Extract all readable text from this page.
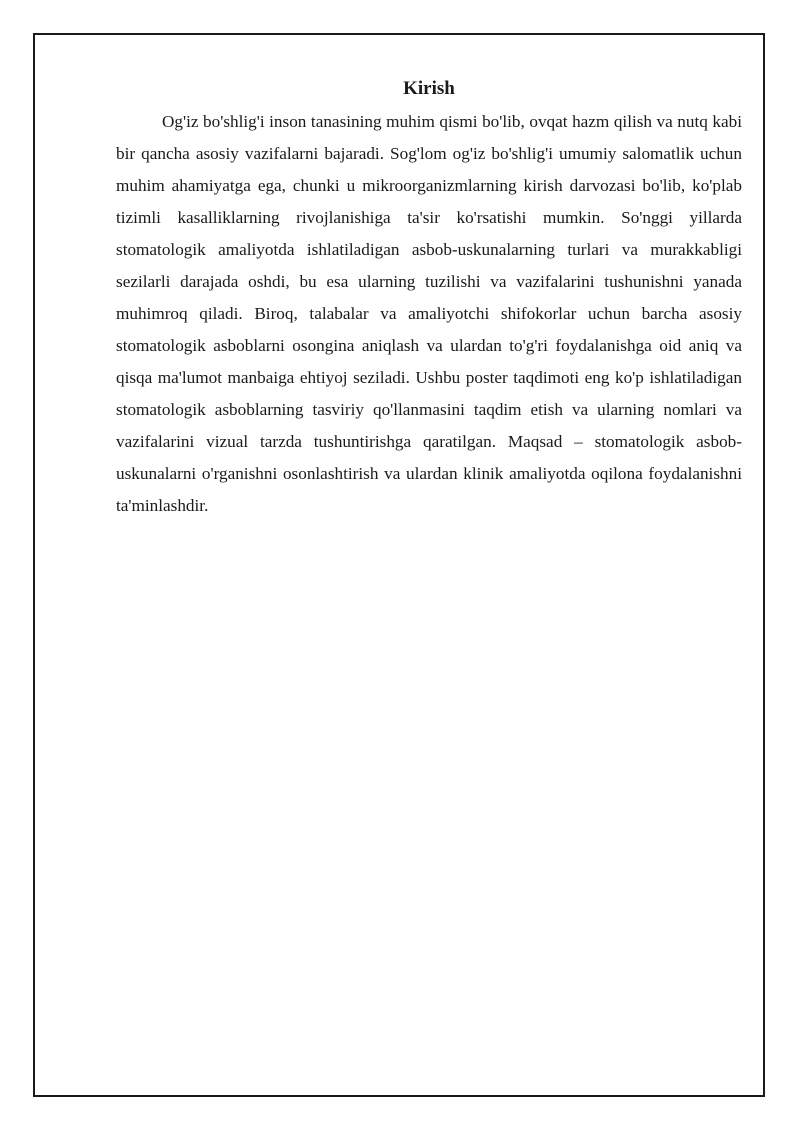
Kirish

Og'iz bo'shlig'i inson tanasining muhim qismi bo'lib, ovqat hazm qilish va nutq kabi bir qancha asosiy vazifalarni bajaradi. Sog'lom og'iz bo'shlig'i umumiy salomatlik uchun muhim ahamiyatga ega, chunki u mikroorganizmlarning kirish darvozasi bo'lib, ko'plab tizimli kasalliklarning rivojlanishiga ta'sir ko'rsatishi mumkin. So'nggi yillarda stomatologik amaliyotda ishlatiladigan asbob-uskunalarning turlari va murakkabligi sezilarli darajada oshdi, bu esa ularning tuzilishi va vazifalarini tushunishni yanada muhimroq qiladi. Biroq, talabalar va amaliyotchi shifokorlar uchun barcha asosiy stomatologik asboblarni osongina aniqlash va ulardan to'g'ri foydalanishga oid aniq va qisqa ma'lumot manbaiga ehtiyoj seziladi. Ushbu poster taqdimoti eng ko'p ishlatiladigan stomatologik asboblarning tasviriy qo'llanmasini taqdim etish va ularning nomlari va vazifalarini vizual tarzda tushuntirishga qaratilgan. Maqsad – stomatologik asbob-uskunalarni o'rganishni osonlashtirish va ulardan klinik amaliyotda oqilona foydalanishni ta'minlashdir.
